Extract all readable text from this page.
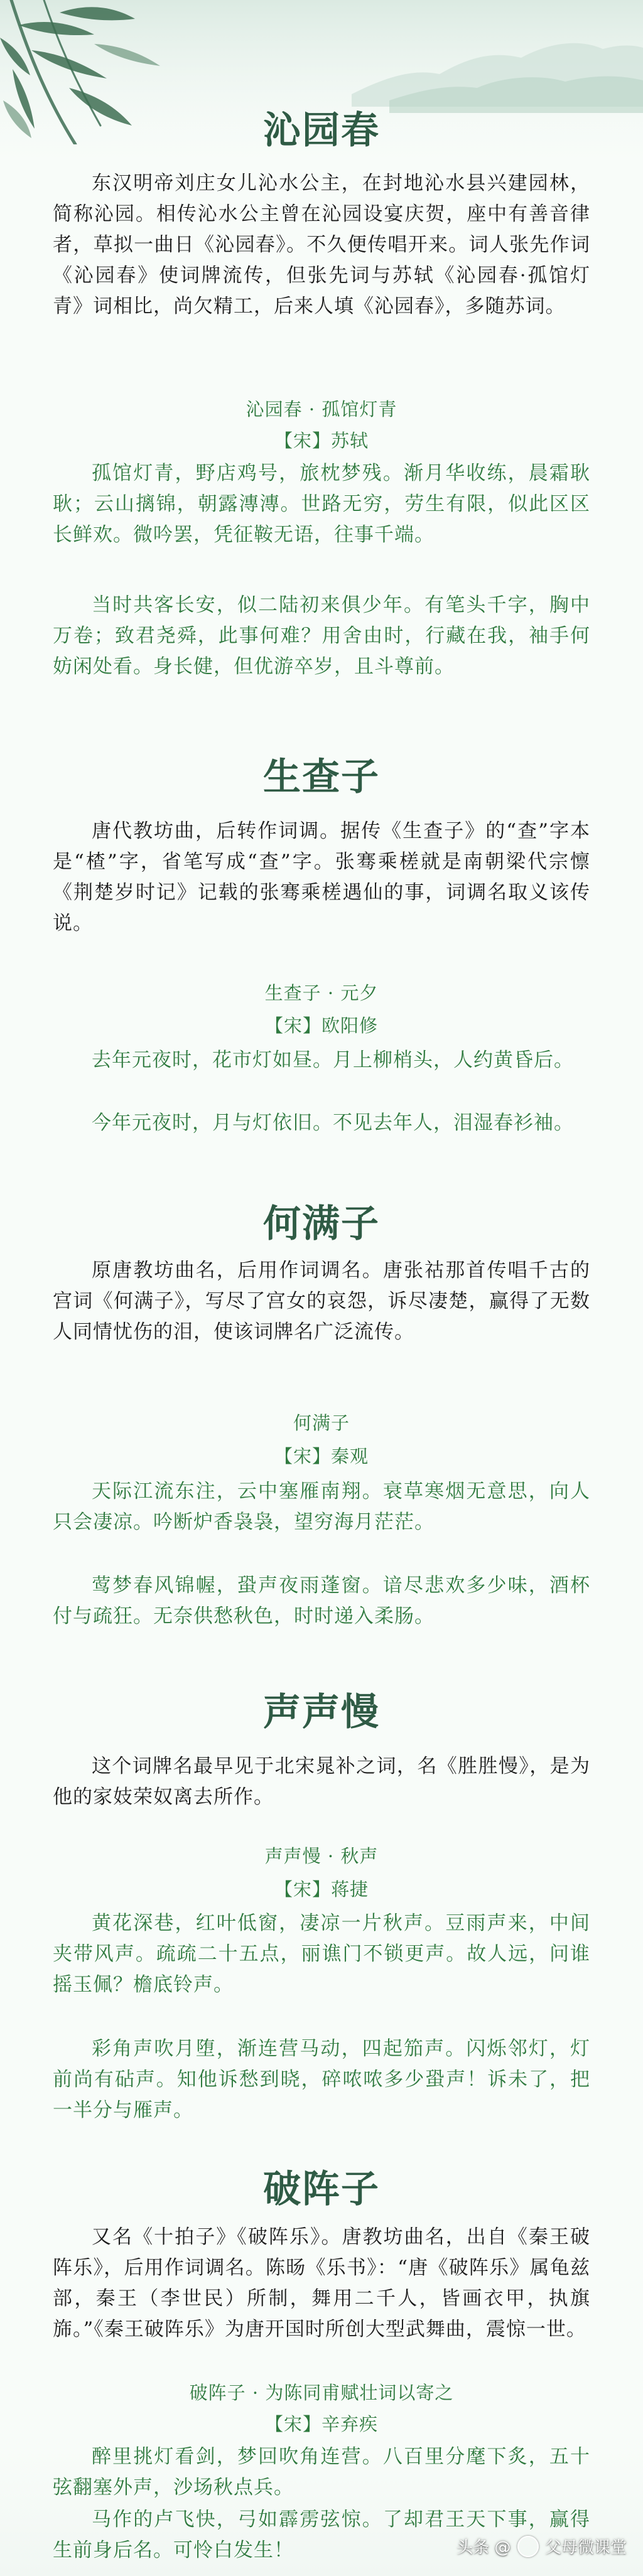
沁园春
东汉明帝刘庄女儿沁水公主，在封地沁水县兴建园林，简称沁园。相传沁水公主曾在沁园设宴庆贺，座中有善音律者，草拟一曲日《沁园春》。不久便传唱开来。词人张先作词《沁园春》使词牌流传，但张先词与苏轼《沁园春·孤馆灯青》词相比，尚欠精工，后来人填《沁园春》，多随苏词。
沁园春 · 孤馆灯青
【宋】苏轼
孤馆灯青，野店鸡号，旅枕梦残。渐月华收练，晨霜耿耿；云山摛锦，朝露漙漙。世路无穷，劳生有限，似此区区长鲜欢。微吟罢，凭征鞍无语，往事千端。
当时共客长安，似二陆初来俱少年。有笔头千字，胸中万卷；致君尧舜，此事何难？用舍由时，行藏在我，袖手何妨闲处看。身长健，但优游卒岁，且斗尊前。
生查子
唐代教坊曲，后转作词调。据传《生查子》的“查”字本是“楂”字，省笔写成“查”字。张骞乘槎就是南朝梁代宗懔《荆楚岁时记》记载的张骞乘槎遇仙的事，词调名取义该传说。
生查子 · 元夕
【宋】欧阳修
去年元夜时，花市灯如昼。月上柳梢头，人约黄昏后。
今年元夜时，月与灯依旧。不见去年人，泪湿春衫袖。
何满子
原唐教坊曲名，后用作词调名。唐张祜那首传唱千古的宫词《何满子》，写尽了宫女的哀怨，诉尽凄楚，赢得了无数人同情忧伤的泪，使该词牌名广泛流传。
何满子
【宋】秦观
天际江流东注，云中塞雁南翔。衰草寒烟无意思，向人只会凄凉。吟断炉香袅袅，望穷海月茫茫。
莺梦春风锦幄，蛩声夜雨蓬窗。谙尽悲欢多少味，酒杯付与疏狂。无奈供愁秋色，时时递入柔肠。
声声慢
这个词牌名最早见于北宋晁补之词，名《胜胜慢》，是为他的家妓荣奴离去所作。
声声慢 · 秋声
【宋】蒋捷
黄花深巷，红叶低窗，凄凉一片秋声。豆雨声来，中间夹带风声。疏疏二十五点，丽谯门不锁更声。故人远，问谁摇玉佩？檐底铃声。
彩角声吹月堕，渐连营马动，四起笳声。闪烁邻灯，灯前尚有砧声。知他诉愁到晓，碎哝哝多少蛩声！诉未了，把一半分与雁声。
破阵子
又名《十拍子》《破阵乐》。唐教坊曲名，出自《秦王破阵乐》，后用作词调名。陈旸《乐书》：“唐《破阵乐》属龟兹部，秦王（李世民）所制，舞用二千人，皆画衣甲，执旗旆。”《秦王破阵乐》为唐开国时所创大型武舞曲，震惊一世。
破阵子 · 为陈同甫赋壮词以寄之
【宋】辛弃疾
醉里挑灯看剑，梦回吹角连营。八百里分麾下炙，五十弦翻塞外声，沙场秋点兵。
马作的卢飞快，弓如霹雳弦惊。了却君王天下事，赢得生前身后名。可怜白发生！	头条 @ 父母微课堂
